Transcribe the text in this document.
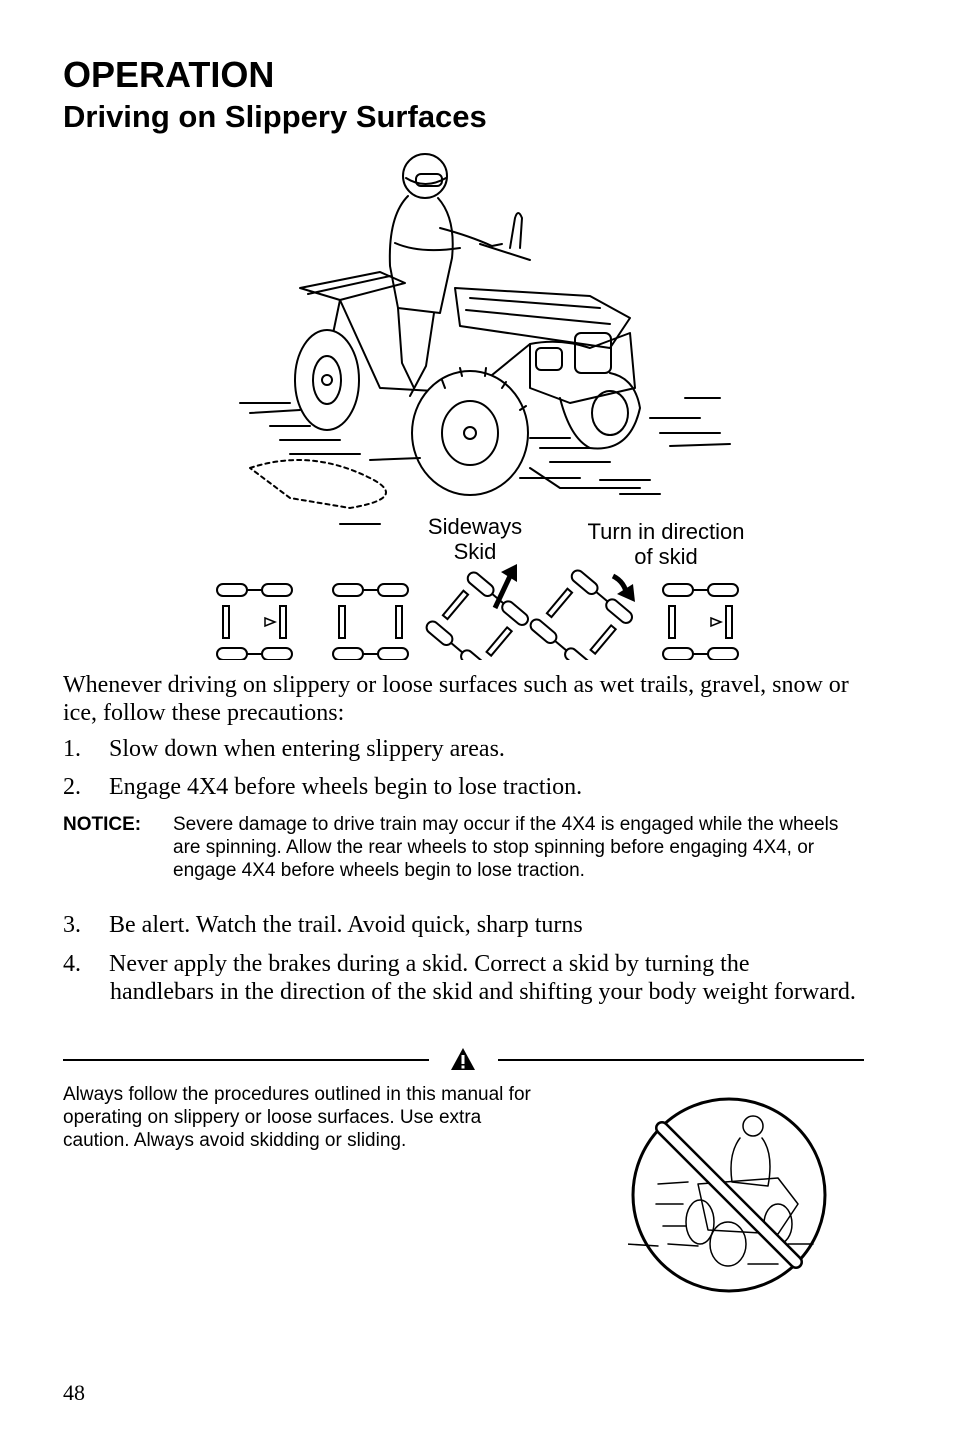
OPERATION
Driving on Slippery Surfaces
Sideways
Skid
Turn in direction
of skid
Whenever driving on slippery or loose surfaces such as wet trails, gravel, snow or ice, follow these precautions:
1. Slow down when entering slippery areas.
2. Engage 4X4 before wheels begin to lose traction.
NOTICE: Severe damage to drive train may occur if the 4X4 is engaged while the wheels are spinning. Allow the rear wheels to stop spinning before engaging 4X4, or engage 4X4 before wheels begin to lose traction.
3. Be alert. Watch the trail. Avoid quick, sharp turns
4. Never apply the brakes during a skid. Correct a skid by turning the
handlebars in the direction of the skid and shifting your body weight forward.
Always follow the procedures outlined in this manual for operating on slippery or loose surfaces. Use extra caution. Always avoid skidding or sliding.
48
